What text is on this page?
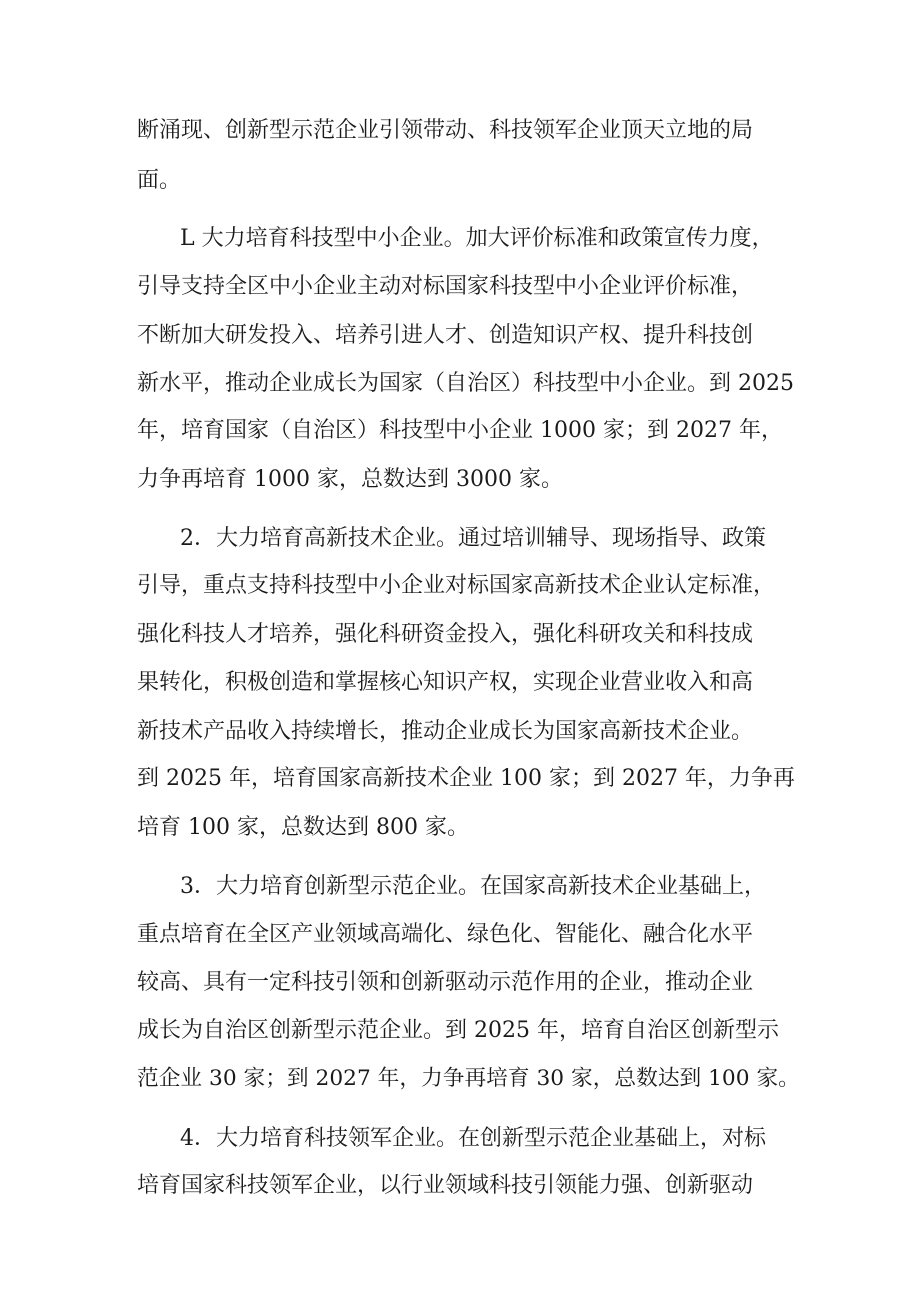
断涌现、创新型示范企业引领带动、科技领军企业顶天立地的局
面。
L 大力培育科技型中小企业。加大评价标准和政策宣传力度，
引导支持全区中小企业主动对标国家科技型中小企业评价标准，
不断加大研发投入、培养引进人才、创造知识产权、提升科技创
新水平，推动企业成长为国家（自治区）科技型中小企业。到 2025
年，培育国家（自治区）科技型中小企业 1000 家；到 2027 年，
力争再培育 1000 家，总数达到 3000 家。
2．大力培育高新技术企业。通过培训辅导、现场指导、政策
引导，重点支持科技型中小企业对标国家高新技术企业认定标准，
强化科技人才培养，强化科研资金投入，强化科研攻关和科技成
果转化，积极创造和掌握核心知识产权，实现企业营业收入和高
新技术产品收入持续增长，推动企业成长为国家高新技术企业。
到 2025 年，培育国家高新技术企业 100 家；到 2027 年，力争再
培育 100 家，总数达到 800 家。
3．大力培育创新型示范企业。在国家高新技术企业基础上，
重点培育在全区产业领域高端化、绿色化、智能化、融合化水平
较高、具有一定科技引领和创新驱动示范作用的企业，推动企业
成长为自治区创新型示范企业。到 2025 年，培育自治区创新型示
范企业 30 家；到 2027 年，力争再培育 30 家，总数达到 100 家。
4．大力培育科技领军企业。在创新型示范企业基础上，对标
培育国家科技领军企业，以行业领域科技引领能力强、创新驱动
